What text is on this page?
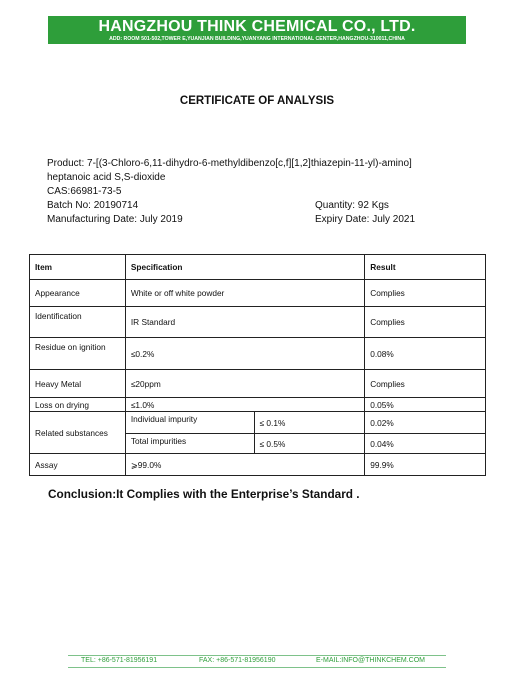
HANGZHOU THINK CHEMICAL CO., LTD.
ADD: ROOM 501-502,TOWER E,YUANJIAN BUILDING,YUANYANG INTERNATIONAL CENTER,HANGZHOU-310011,CHINA
CERTIFICATE OF ANALYSIS
Product: 7-[(3-Chloro-6,11-dihydro-6-methyldibenzo[c,f][1,2]thiazepin-11-yl)-amino]
heptanoic acid S,S-dioxide
CAS:66981-73-5
Batch No: 20190714	Quantity: 92 Kgs
Manufacturing Date: July 2019	Expiry Date: July 2021
Item	Specification		Result
Appearance	White or off white powder		Complies
Identification	IR Standard		Complies
Residue on ignition	≤0.2%		0.08%
Heavy Metal	≤20ppm		Complies
Loss on drying	≤1.0%		0.05%
Related substances	Individual impurity	≤ 0.1%	0.02%
	Total impurities	≤ 0.5%	0.04%
Assay	⩾99.0%		99.9%
Conclusion:It Complies with the Enterprise’s Standard .
TEL: +86-571-81956191	FAX: +86-571-81956190	E-MAIL:INFO@THINKCHEM.COM
